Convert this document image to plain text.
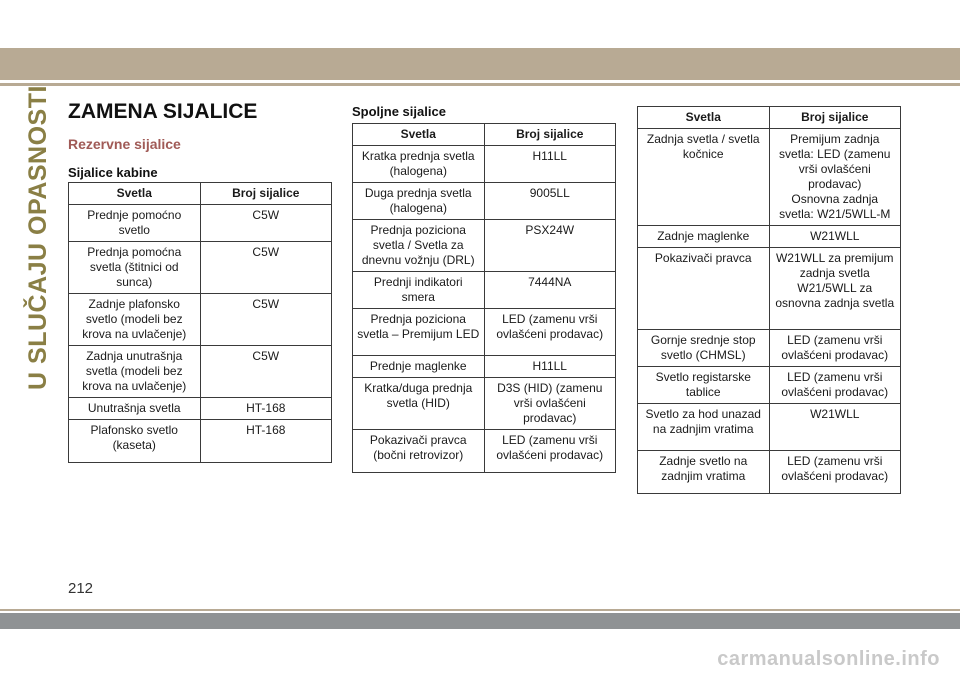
U SLUČAJU OPASNOSTI ZAMENA SIJALICE
Rezervne sijalice
Sijalice kabine
Svetla	Broj sijalice
Prednje pomoćno svetlo	C5W
Prednja pomoćna svetla (štitnici od sunca)	C5W
Zadnje plafonsko svetlo (modeli bez krova na uvlačenje)	C5W
Zadnja unutrašnja svetla (modeli bez krova na uvlačenje)	C5W
Unutrašnja svetla	HT-168
Plafonsko svetlo (kaseta)	HT-168
Spoljne sijalice
Svetla	Broj sijalice
Kratka prednja svetla (halogena)	H11LL
Duga prednja svetla (halogena)	9005LL
Prednja poziciona svetla / Svetla za dnevnu vožnju (DRL)	PSX24W
Prednji indikatori smera	7444NA
Prednja poziciona svetla – Premijum LED	LED (zamenu vrši ovlašćeni prodavac)
Prednje maglenke	H11LL
Kratka/duga prednja svetla (HID)	D3S (HID) (zamenu vrši ovlašćeni prodavac)
Pokazivači pravca (bočni retrovizor)	LED (zamenu vrši ovlašćeni prodavac)
Svetla	Broj sijalice
Zadnja svetla / svetla kočnice	Premijum zadnja svetla: LED (zamenu vrši ovlašćeni prodavac)
Osnovna zadnja svetla: W21/5WLL-M
Zadnje maglenke	W21WLL
Pokazivači pravca	W21WLL za premijum zadnja svetla
W21/5WLL za osnovna zadnja svetla
Gornje srednje stop svetlo (CHMSL)	LED (zamenu vrši ovlašćeni prodavac)
Svetlo registarske tablice	LED (zamenu vrši ovlašćeni prodavac)
Svetlo za hod unazad na zadnjim vratima	W21WLL
Zadnje svetlo na zadnjim vratima	LED (zamenu vrši ovlašćeni prodavac)
212
carmanualsonline.info
